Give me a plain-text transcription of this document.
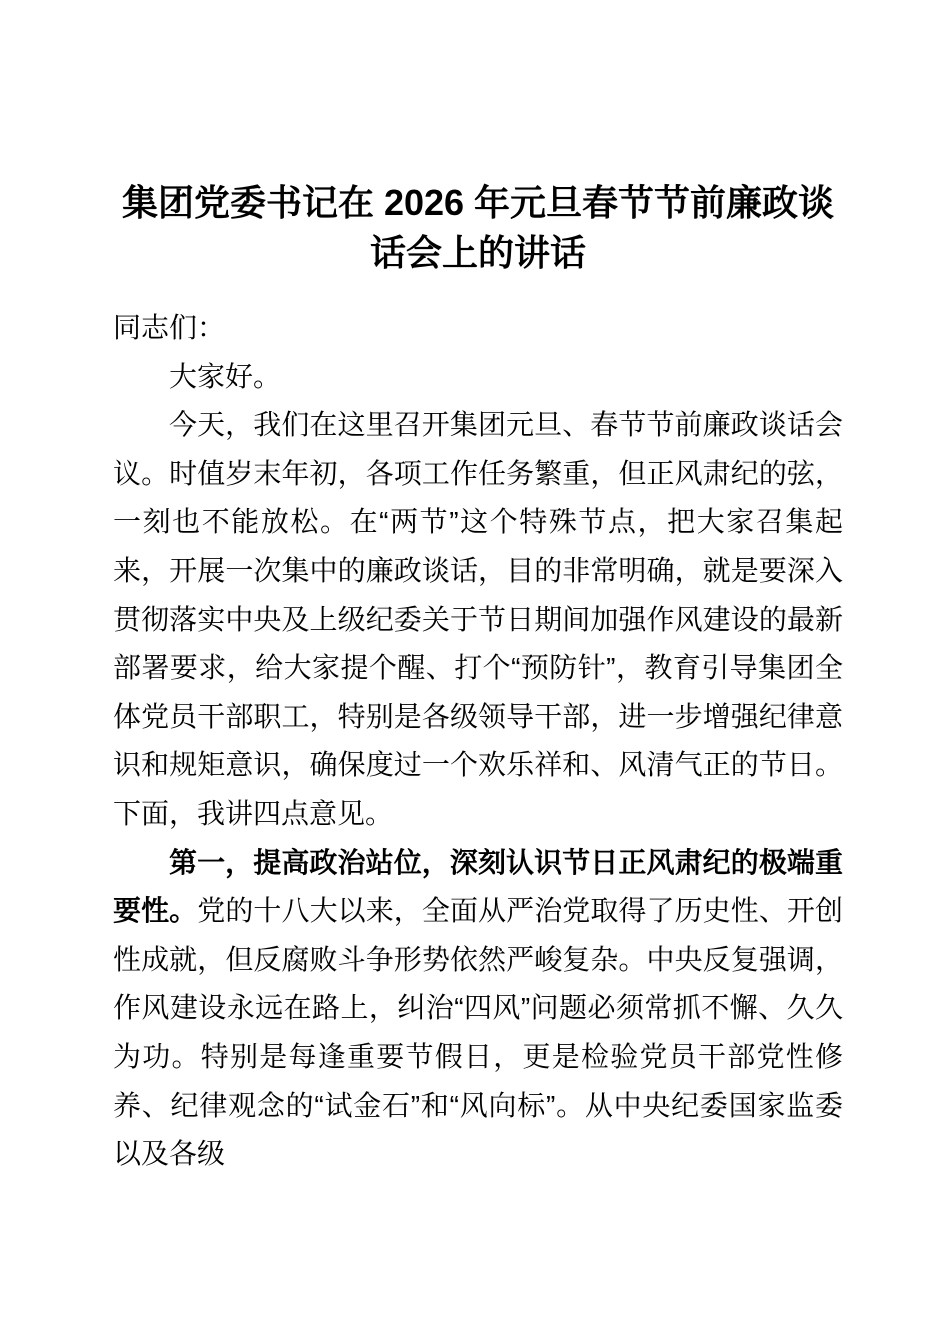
集团党委书记在 2026 年元旦春节节前廉政谈
话会上的讲话

同志们：

大家好。

今天，我们在这里召开集团元旦、春节节前廉政谈话会议。时值岁末年初，各项工作任务繁重，但正风肃纪的弦，一刻也不能放松。在“两节”这个特殊节点，把大家召集起来，开展一次集中的廉政谈话，目的非常明确，就是要深入贯彻落实中央及上级纪委关于节日期间加强作风建设的最新部署要求，给大家提个醒、打个“预防针”，教育引导集团全体党员干部职工，特别是各级领导干部，进一步增强纪律意识和规矩意识，确保度过一个欢乐祥和、风清气正的节日。下面，我讲四点意见。

第一，提高政治站位，深刻认识节日正风肃纪的极端重要性。党的十八大以来，全面从严治党取得了历史性、开创性成就，但反腐败斗争形势依然严峻复杂。中央反复强调，作风建设永远在路上，纠治“四风”问题必须常抓不懈、久久为功。特别是每逢重要节假日，更是检验党员干部党性修养、纪律观念的“试金石”和“风向标”。从中央纪委国家监委以及各级
